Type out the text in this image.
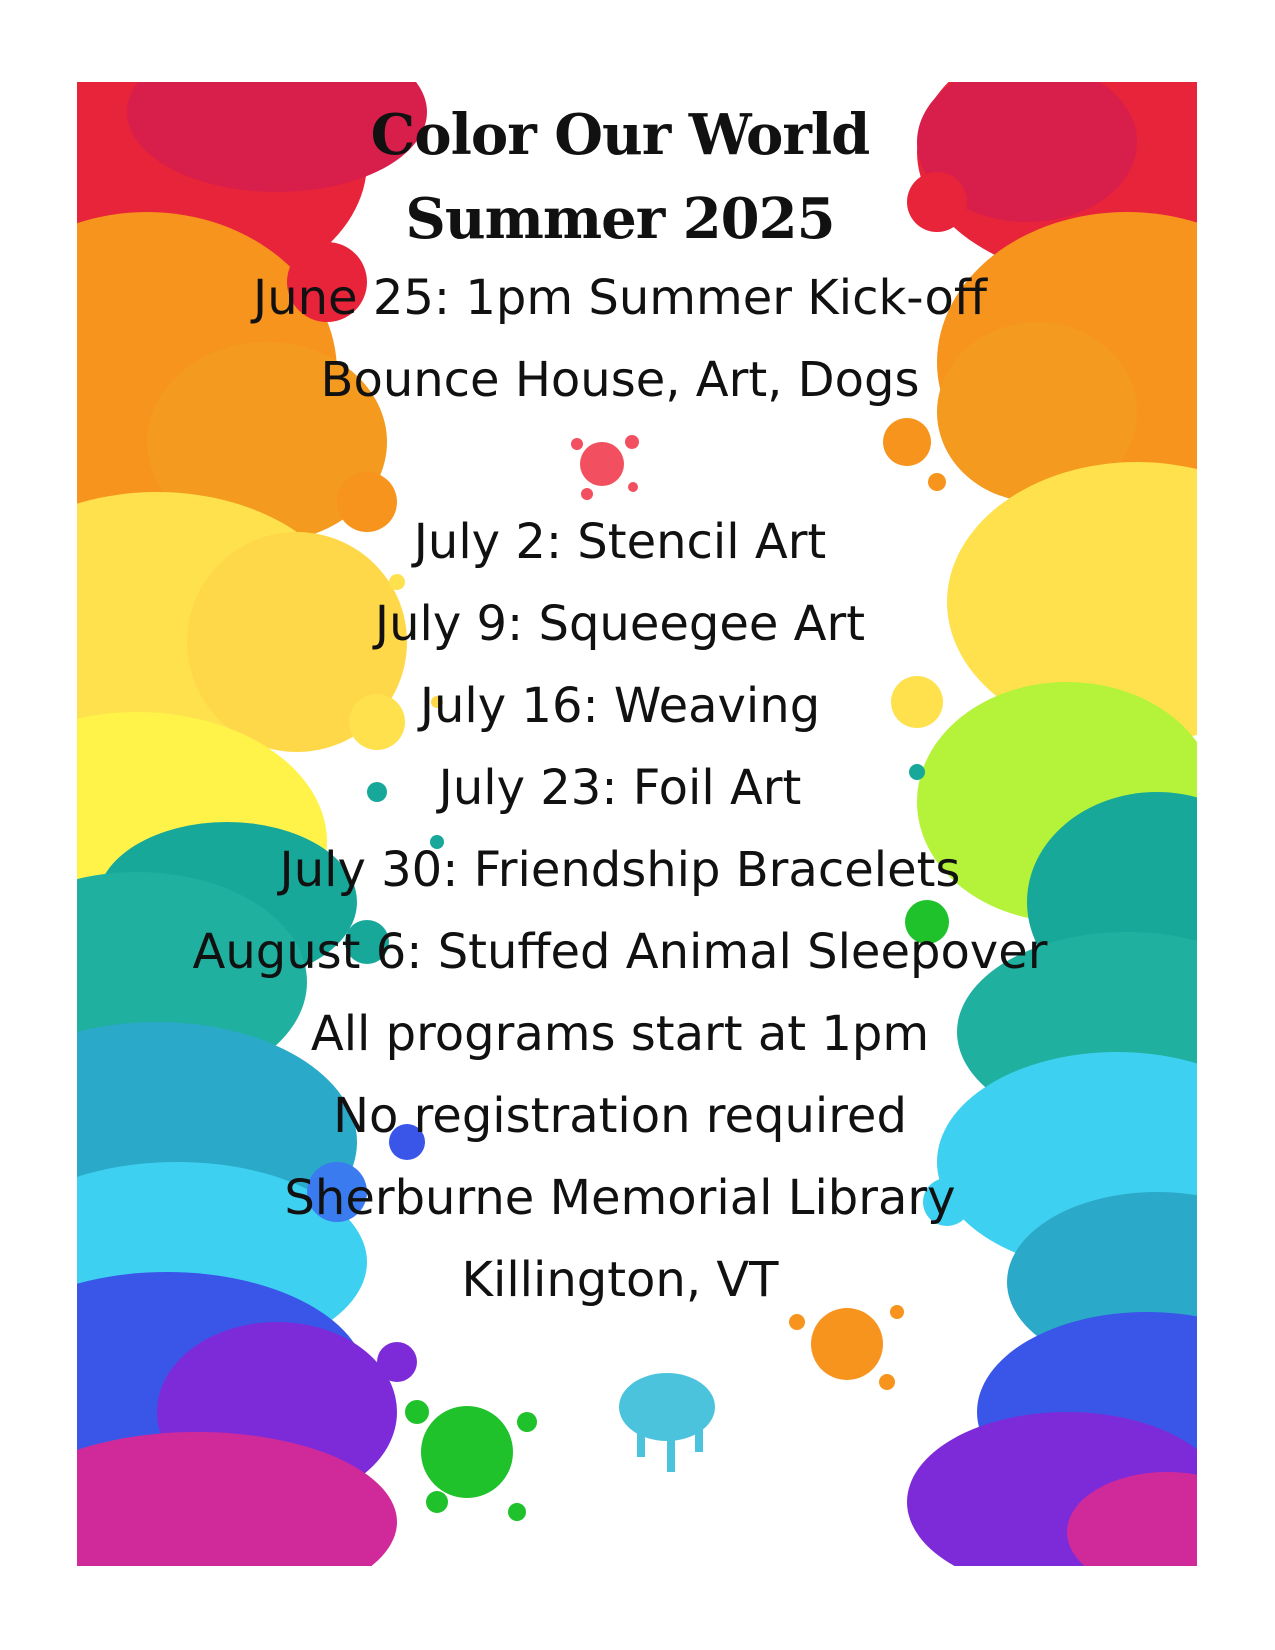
Color Our World
Summer 2025
June 25: 1pm Summer Kick-off
Bounce House, Art, Dogs
July 2: Stencil Art
July 9: Squeegee Art
July 16: Weaving
July 23: Foil Art
July 30: Friendship Bracelets
August 6: Stuffed Animal Sleepover
All programs start at 1pm
No registration required
Sherburne Memorial Library
Killington, VT
